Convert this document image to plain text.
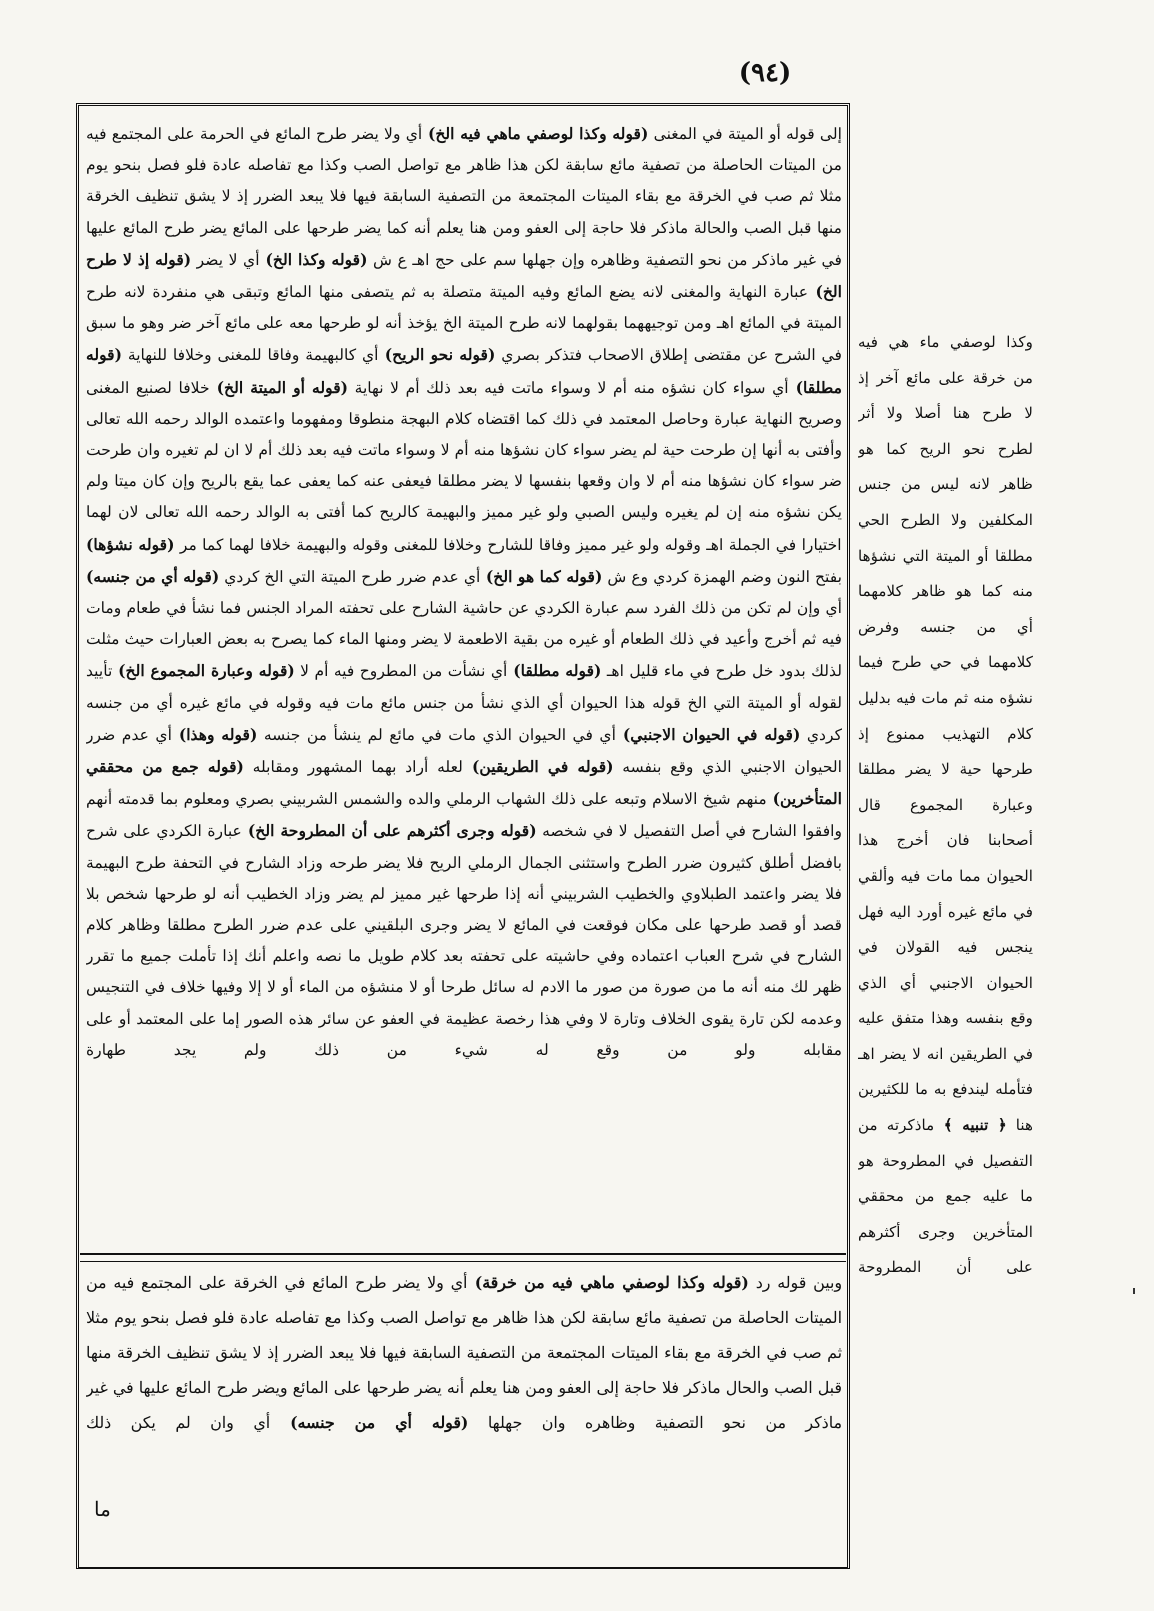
(٩٤)
إلى قوله أو الميتة في المغنى (قوله وكذا لوصفي ماهي فيه الخ) أي ولا يضر طرح المائع في الحرمة على المجتمع فيه من الميتات الحاصلة من تصفية مائع سابقة لكن هذا ظاهر مع تواصل الصب وكذا مع تفاصله عادة فلو فصل بنحو يوم مثلا ثم صب في الخرقة مع بقاء الميتات المجتمعة من التصفية السابقة فيها فلا يبعد الضرر إذ لا يشق تنظيف الخرقة منها قبل الصب والحالة ماذكر فلا حاجة إلى العفو ومن هنا يعلم أنه كما يضر طرحها على المائع يضر طرح المائع عليها في غير ماذكر من نحو التصفية وظاهره وإن جهلها سم على حج اهـ ع ش (قوله وكذا الخ) أي لا يضر (قوله إذ لا طرح الخ) عبارة النهاية والمغنى لانه يضع المائع وفيه الميتة متصلة به ثم يتصفى منها المائع وتبقى هي منفردة لانه طرح الميتة في المائع اهـ ومن توجيههما بقولهما لانه طرح الميتة الخ يؤخذ أنه لو طرحها معه على مائع آخر ضر وهو ما سبق في الشرح عن مقتضى إطلاق الاصحاب فتذكر بصري (قوله نحو الريح) أي كالبهيمة وفاقا للمغنى وخلافا للنهاية (قوله مطلقا) أي سواء كان نشؤه منه أم لا وسواء ماتت فيه بعد ذلك أم لا نهاية (قوله أو الميتة الخ) خلافا لصنيع المغنى وصريح النهاية عبارة وحاصل المعتمد في ذلك كما اقتضاه كلام البهجة منطوقا ومفهوما واعتمده الوالد رحمه الله تعالى وأفتى به أنها إن طرحت حية لم يضر سواء كان نشؤها منه أم لا وسواء ماتت فيه بعد ذلك أم لا ان لم تغيره وان طرحت ضر سواء كان نشؤها منه أم لا وان وقعها بنفسها لا يضر مطلقا فيعفى عنه كما يعفى عما يقع بالريح وإن كان ميتا ولم يكن نشؤه منه إن لم يغيره وليس الصبي ولو غير مميز والبهيمة كالريح كما أفتى به الوالد رحمه الله تعالى لان لهما اختيارا في الجملة اهـ وقوله ولو غير مميز وفاقا للشارح وخلافا للمغنى وقوله والبهيمة خلافا لهما كما مر (قوله نشؤها) بفتح النون وضم الهمزة كردي وع ش (قوله كما هو الخ) أي عدم ضرر طرح الميتة التي الخ كردي (قوله أي من جنسه) أي وإن لم تكن من ذلك الفرد سم عبارة الكردي عن حاشية الشارح على تحفته المراد الجنس فما نشأ في طعام ومات فيه ثم أخرج وأعيد في ذلك الطعام أو غيره من بقية الاطعمة لا يضر ومنها الماء كما يصرح به بعض العبارات حيث مثلت لذلك بدود خل طرح في ماء قليل اهـ (قوله مطلقا) أي نشأت من المطروح فيه أم لا (قوله وعبارة المجموع الخ) تأييد لقوله أو الميتة التي الخ قوله هذا الحيوان أي الذي نشأ من جنس مائع مات فيه وقوله في مائع غيره أي من جنسه كردي (قوله في الحيوان الاجنبي) أي في الحيوان الذي مات في مائع لم ينشأ من جنسه (قوله وهذا) أي عدم ضرر الحيوان الاجنبي الذي وقع بنفسه (قوله في الطريقين) لعله أراد بهما المشهور ومقابله (قوله جمع من محققي المتأخرين) منهم شيخ الاسلام وتبعه على ذلك الشهاب الرملي والده والشمس الشربيني بصري ومعلوم بما قدمته أنهم وافقوا الشارح في أصل التفصيل لا في شخصه (قوله وجرى أكثرهم على أن المطروحة الخ) عبارة الكردي على شرح بافضل أطلق كثيرون ضرر الطرح واستثنى الجمال الرملي الريح فلا يضر طرحه وزاد الشارح في التحفة طرح البهيمة فلا يضر واعتمد الطبلاوي والخطيب الشربيني أنه إذا طرحها غير مميز لم يضر وزاد الخطيب أنه لو طرحها شخص بلا قصد أو قصد طرحها على مكان فوقعت في المائع لا يضر وجرى البلقيني على عدم ضرر الطرح مطلقا وظاهر كلام الشارح في شرح العباب اعتماده وفي حاشيته على تحفته بعد كلام طويل ما نصه واعلم أنك إذا تأملت جميع ما تقرر ظهر لك منه أنه ما من صورة من صور ما الادم له سائل طرحا أو لا منشؤه من الماء أو لا إلا وفيها خلاف في التنجيس وعدمه لكن تارة يقوى الخلاف وتارة لا وفي هذا رخصة عظيمة في العفو عن سائر هذه الصور إما على المعتمد أو على مقابله ولو من وقع له شيء من ذلك ولم يجد طهارة
وبين قوله رد (قوله وكذا لوصفي ماهي فيه من خرقة) أي ولا يضر طرح المائع في الخرقة على المجتمع فيه من الميتات الحاصلة من تصفية مائع سابقة لكن هذا ظاهر مع تواصل الصب وكذا مع تفاصله عادة فلو فصل بنحو يوم مثلا ثم صب في الخرقة مع بقاء الميتات المجتمعة من التصفية السابقة فيها فلا يبعد الضرر إذ لا يشق تنظيف الخرقة منها قبل الصب والحال ماذكر فلا حاجة إلى العفو ومن هنا يعلم أنه يضر طرحها على المائع ويضر طرح المائع عليها في غير ماذكر من نحو التصفية وظاهره وان جهلها (قوله أي من جنسه) أي وان لم يكن ذلك
وكذا لوصفي ماء هي فيه من خرقة على مائع آخر إذ لا طرح هنا أصلا ولا أثر لطرح نحو الريح كما هو ظاهر لانه ليس من جنس المكلفين ولا الطرح الحي مطلقا أو الميتة التي نشؤها منه كما هو ظاهر كلامهما أي من جنسه وفرض كلامهما في حي طرح فيما نشؤه منه ثم مات فيه بدليل كلام التهذيب ممنوع إذ طرحها حية لا يضر مطلقا وعبارة المجموع قال أصحابنا فان أخرج هذا الحيوان مما مات فيه وألقي في مائع غيره أورد اليه فهل ينجس فيه القولان في الحيوان الاجنبي أي الذي وقع بنفسه وهذا متفق عليه في الطريقين انه لا يضر اهـ فتأمله ليندفع به ما للكثيرين هنا ﴿ تنبيه ﴾ ماذكرته من التفصيل في المطروحة هو ما عليه جمع من محققي المتأخرين وجرى أكثرهم على أن المطروحة
ما
